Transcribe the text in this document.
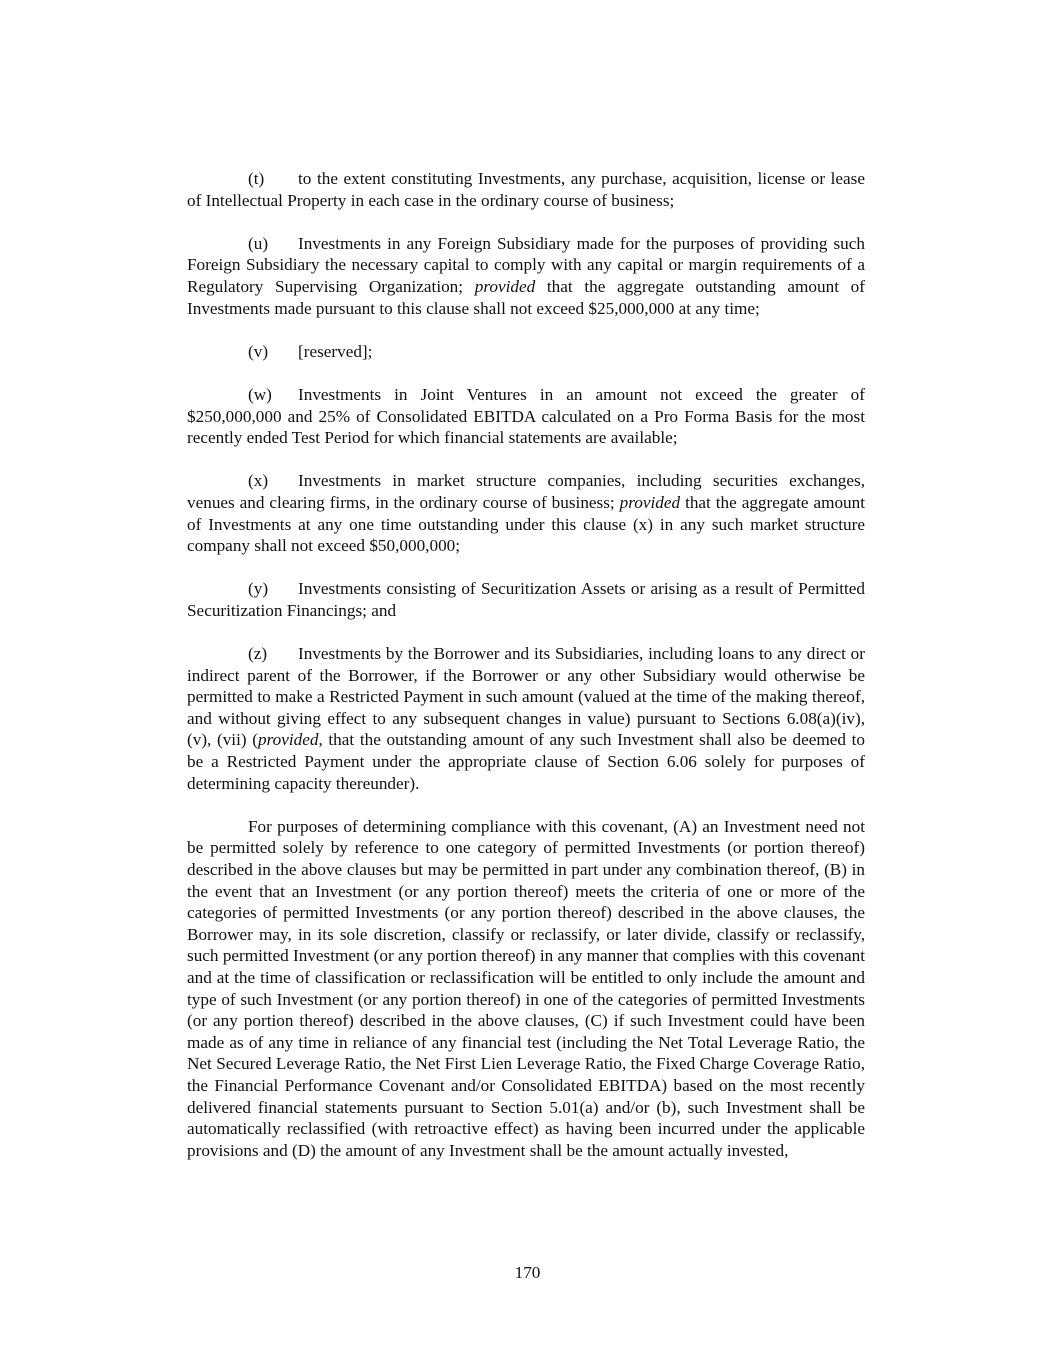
(t) to the extent constituting Investments, any purchase, acquisition, license or lease of Intellectual Property in each case in the ordinary course of business;

(u) Investments in any Foreign Subsidiary made for the purposes of providing such Foreign Subsidiary the necessary capital to comply with any capital or margin requirements of a Regulatory Supervising Organization; provided that the aggregate outstanding amount of Investments made pursuant to this clause shall not exceed $25,000,000 at any time;

(v) [reserved];

(w) Investments in Joint Ventures in an amount not exceed the greater of $250,000,000 and 25% of Consolidated EBITDA calculated on a Pro Forma Basis for the most recently ended Test Period for which financial statements are available;

(x) Investments in market structure companies, including securities exchanges, venues and clearing firms, in the ordinary course of business; provided that the aggregate amount of Investments at any one time outstanding under this clause (x) in any such market structure company shall not exceed $50,000,000;

(y) Investments consisting of Securitization Assets or arising as a result of Permitted Securitization Financings; and

(z) Investments by the Borrower and its Subsidiaries, including loans to any direct or indirect parent of the Borrower, if the Borrower or any other Subsidiary would otherwise be permitted to make a Restricted Payment in such amount (valued at the time of the making thereof, and without giving effect to any subsequent changes in value) pursuant to Sections 6.08(a)(iv), (v), (vii) (provided, that the outstanding amount of any such Investment shall also be deemed to be a Restricted Payment under the appropriate clause of Section 6.06 solely for purposes of determining capacity thereunder).

For purposes of determining compliance with this covenant, (A) an Investment need not be permitted solely by reference to one category of permitted Investments (or portion thereof) described in the above clauses but may be permitted in part under any combination thereof, (B) in the event that an Investment (or any portion thereof) meets the criteria of one or more of the categories of permitted Investments (or any portion thereof) described in the above clauses, the Borrower may, in its sole discretion, classify or reclassify, or later divide, classify or reclassify, such permitted Investment (or any portion thereof) in any manner that complies with this covenant and at the time of classification or reclassification will be entitled to only include the amount and type of such Investment (or any portion thereof) in one of the categories of permitted Investments (or any portion thereof) described in the above clauses, (C) if such Investment could have been made as of any time in reliance of any financial test (including the Net Total Leverage Ratio, the Net Secured Leverage Ratio, the Net First Lien Leverage Ratio, the Fixed Charge Coverage Ratio, the Financial Performance Covenant and/or Consolidated EBITDA) based on the most recently delivered financial statements pursuant to Section 5.01(a) and/or (b), such Investment shall be automatically reclassified (with retroactive effect) as having been incurred under the applicable provisions and (D) the amount of any Investment shall be the amount actually invested,

170
